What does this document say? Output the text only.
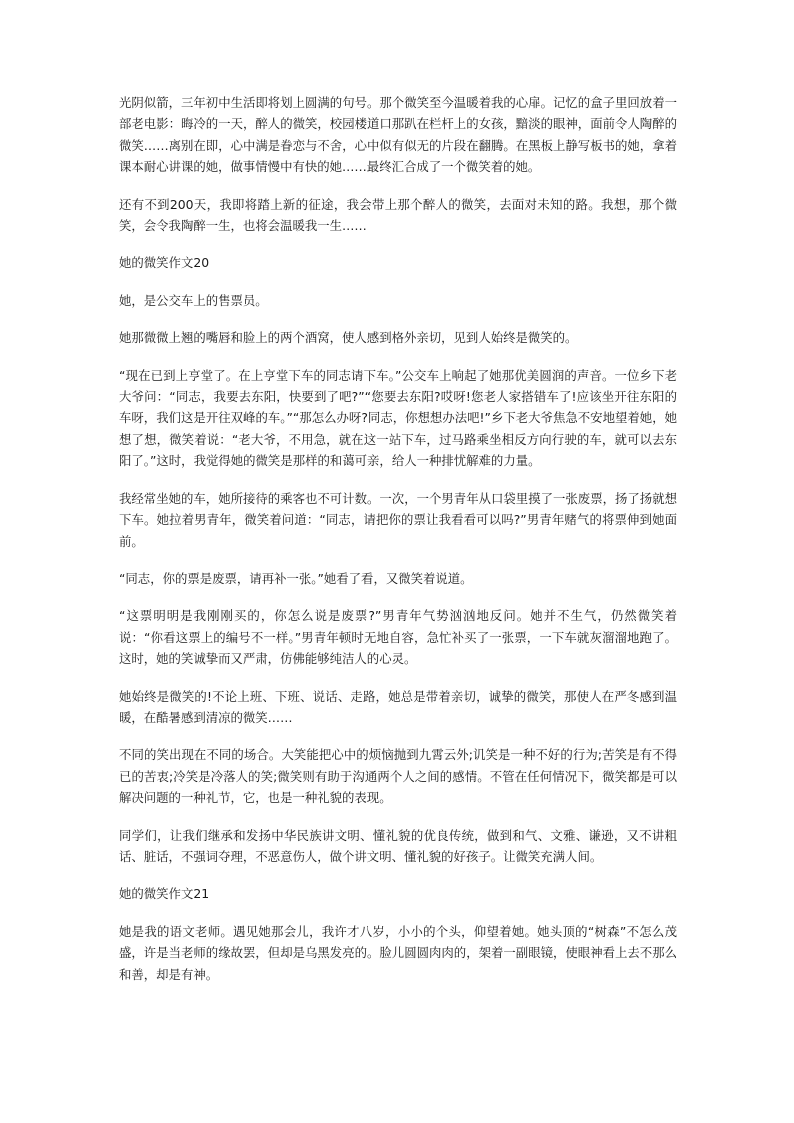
光阴似箭，三年初中生活即将划上圆满的句号。那个微笑至今温暖着我的心扉。记忆的盒子里回放着一部老电影：晦冷的一天，醉人的微笑，校园楼道口那趴在栏杆上的女孩，黯淡的眼神，面前令人陶醉的微笑……离别在即，心中满是眷恋与不舍，心中似有似无的片段在翻腾。在黑板上静写板书的她，拿着课本耐心讲课的她，做事情慢中有快的她……最终汇合成了一个微笑着的她。

还有不到200天，我即将踏上新的征途，我会带上那个醉人的微笑，去面对未知的路。我想，那个微笑，会令我陶醉一生，也将会温暖我一生……

她的微笑作文20

她，是公交车上的售票员。

她那微微上翘的嘴唇和脸上的两个酒窝，使人感到格外亲切，见到人始终是微笑的。

“现在已到上亨堂了。在上亨堂下车的同志请下车。”公交车上响起了她那优美圆润的声音。一位乡下老大爷问：“同志，我要去东阳，快要到了吧?”“您要去东阳?哎呀!您老人家搭错车了!应该坐开往东阳的车呀，我们这是开往双峰的车。”“那怎么办呀?同志，你想想办法吧!”乡下老大爷焦急不安地望着她，她想了想，微笑着说：“老大爷，不用急，就在这一站下车，过马路乘坐相反方向行驶的车，就可以去东阳了。”这时，我觉得她的微笑是那样的和蔼可亲，给人一种排忧解难的力量。

我经常坐她的车，她所接待的乘客也不可计数。一次，一个男青年从口袋里摸了一张废票，扬了扬就想下车。她拉着男青年，微笑着问道：“同志，请把你的票让我看看可以吗?”男青年赌气的将票伸到她面前。

“同志，你的票是废票，请再补一张。”她看了看，又微笑着说道。

“这票明明是我刚刚买的，你怎么说是废票?”男青年气势汹汹地反问。她并不生气，仍然微笑着说：“你看这票上的编号不一样。”男青年顿时无地自容，急忙补买了一张票，一下车就灰溜溜地跑了。这时，她的笑诚挚而又严肃，仿佛能够纯洁人的心灵。

她始终是微笑的!不论上班、下班、说话、走路，她总是带着亲切，诚挚的微笑，那使人在严冬感到温暖，在酷暑感到清凉的微笑……

不同的笑出现在不同的场合。大笑能把心中的烦恼抛到九霄云外;讥笑是一种不好的行为;苦笑是有不得已的苦衷;冷笑是冷落人的笑;微笑则有助于沟通两个人之间的感情。不管在任何情况下，微笑都是可以解决问题的一种礼节，它，也是一种礼貌的表现。

同学们，让我们继承和发扬中华民族讲文明、懂礼貌的优良传统，做到和气、文雅、谦逊，又不讲粗话、脏话，不强词夺理，不恶意伤人，做个讲文明、懂礼貌的好孩子。让微笑充满人间。

她的微笑作文21

她是我的语文老师。遇见她那会儿，我许才八岁，小小的个头，仰望着她。她头顶的“树森”不怎么茂盛，许是当老师的缘故罢，但却是乌黑发亮的。脸儿圆圆肉肉的，架着一副眼镜，使眼神看上去不那么和善，却是有神。
